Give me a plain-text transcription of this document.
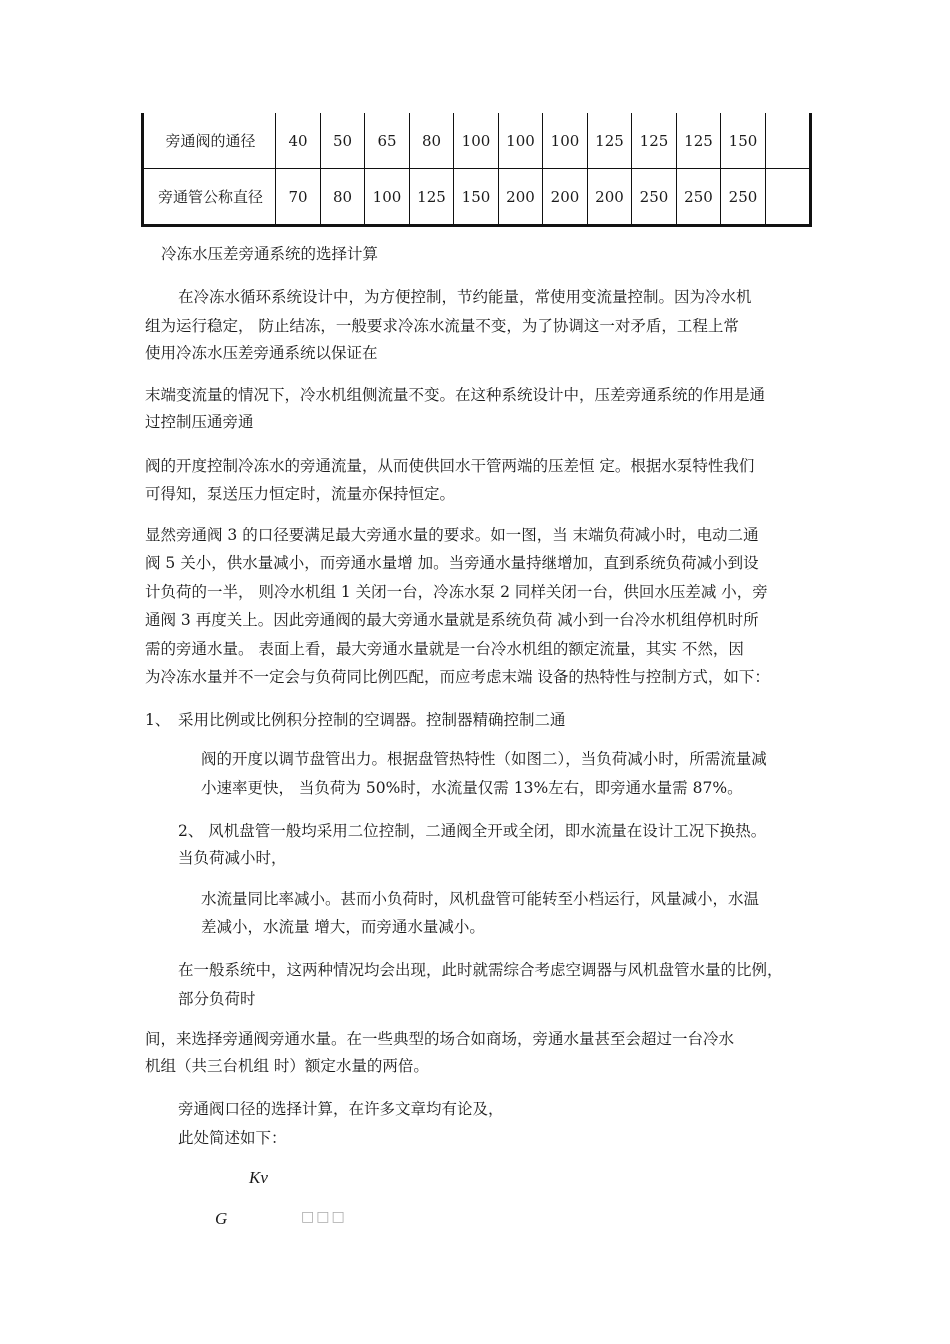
旁通阀的通径	40	50	65	80	100	100	100	125	125	125	150	
旁通管公称直径	70	80	100	125	150	200	200	200	250	250	250	
冷冻水压差旁通系统的选择计算
在冷冻水循环系统设计中，为方便控制，节约能量，常使用变流量控制。因为冷水机
组为运行稳定， 防止结冻，一般要求冷冻水流量不变，为了协调这一对矛盾，工程上常
使用冷冻水压差旁通系统以保证在
末端变流量的情况下，冷水机组侧流量不变。在这种系统设计中，压差旁通系统的作用是通
过控制压通旁通
阀的开度控制冷冻水的旁通流量，从而使供回水干管两端的压差恒 定。根据水泵特性我们
可得知，泵送压力恒定时，流量亦保持恒定。
显然旁通阀 3 的口径要满足最大旁通水量的要求。如一图，当 末端负荷减小时，电动二通
阀 5 关小，供水量减小，而旁通水量增 加。当旁通水量持继增加，直到系统负荷减小到设
计负荷的一半， 则冷水机组 1 关闭一台，冷冻水泵 2 同样关闭一台，供回水压差减 小，旁
通阀 3 再度关上。因此旁通阀的最大旁通水量就是系统负荷 减小到一台冷水机组停机时所
需的旁通水量。 表面上看，最大旁通水量就是一台冷水机组的额定流量，其实 不然，因
为冷冻水量并不一定会与负荷同比例匹配，而应考虑末端 设备的热特性与控制方式，如下：
1、 采用比例或比例积分控制的空调器。控制器精确控制二通
阀的开度以调节盘管出力。根据盘管热特性（如图二），当负荷减小时，所需流量减
小速率更快， 当负荷为 50%时，水流量仅需 13%左右，即旁通水量需 87%。
2、 风机盘管一般均采用二位控制，二通阀全开或全闭，即水流量在设计工况下换热。
当负荷减小时，
水流量同比率减小。甚而小负荷时，风机盘管可能转至小档运行，风量减小，水温
差减小，水流量 增大，而旁通水量减小。
在一般系统中，这两种情况均会出现，此时就需综合考虑空调器与风机盘管水量的比例，
部分负荷时
间，来选择旁通阀旁通水量。在一些典型的场合如商场，旁通水量甚至会超过一台冷水
机组（共三台机组 时）额定水量的两倍。
旁通阀口径的选择计算，在许多文章均有论及，
此处简述如下：
Kv
G	□□□
